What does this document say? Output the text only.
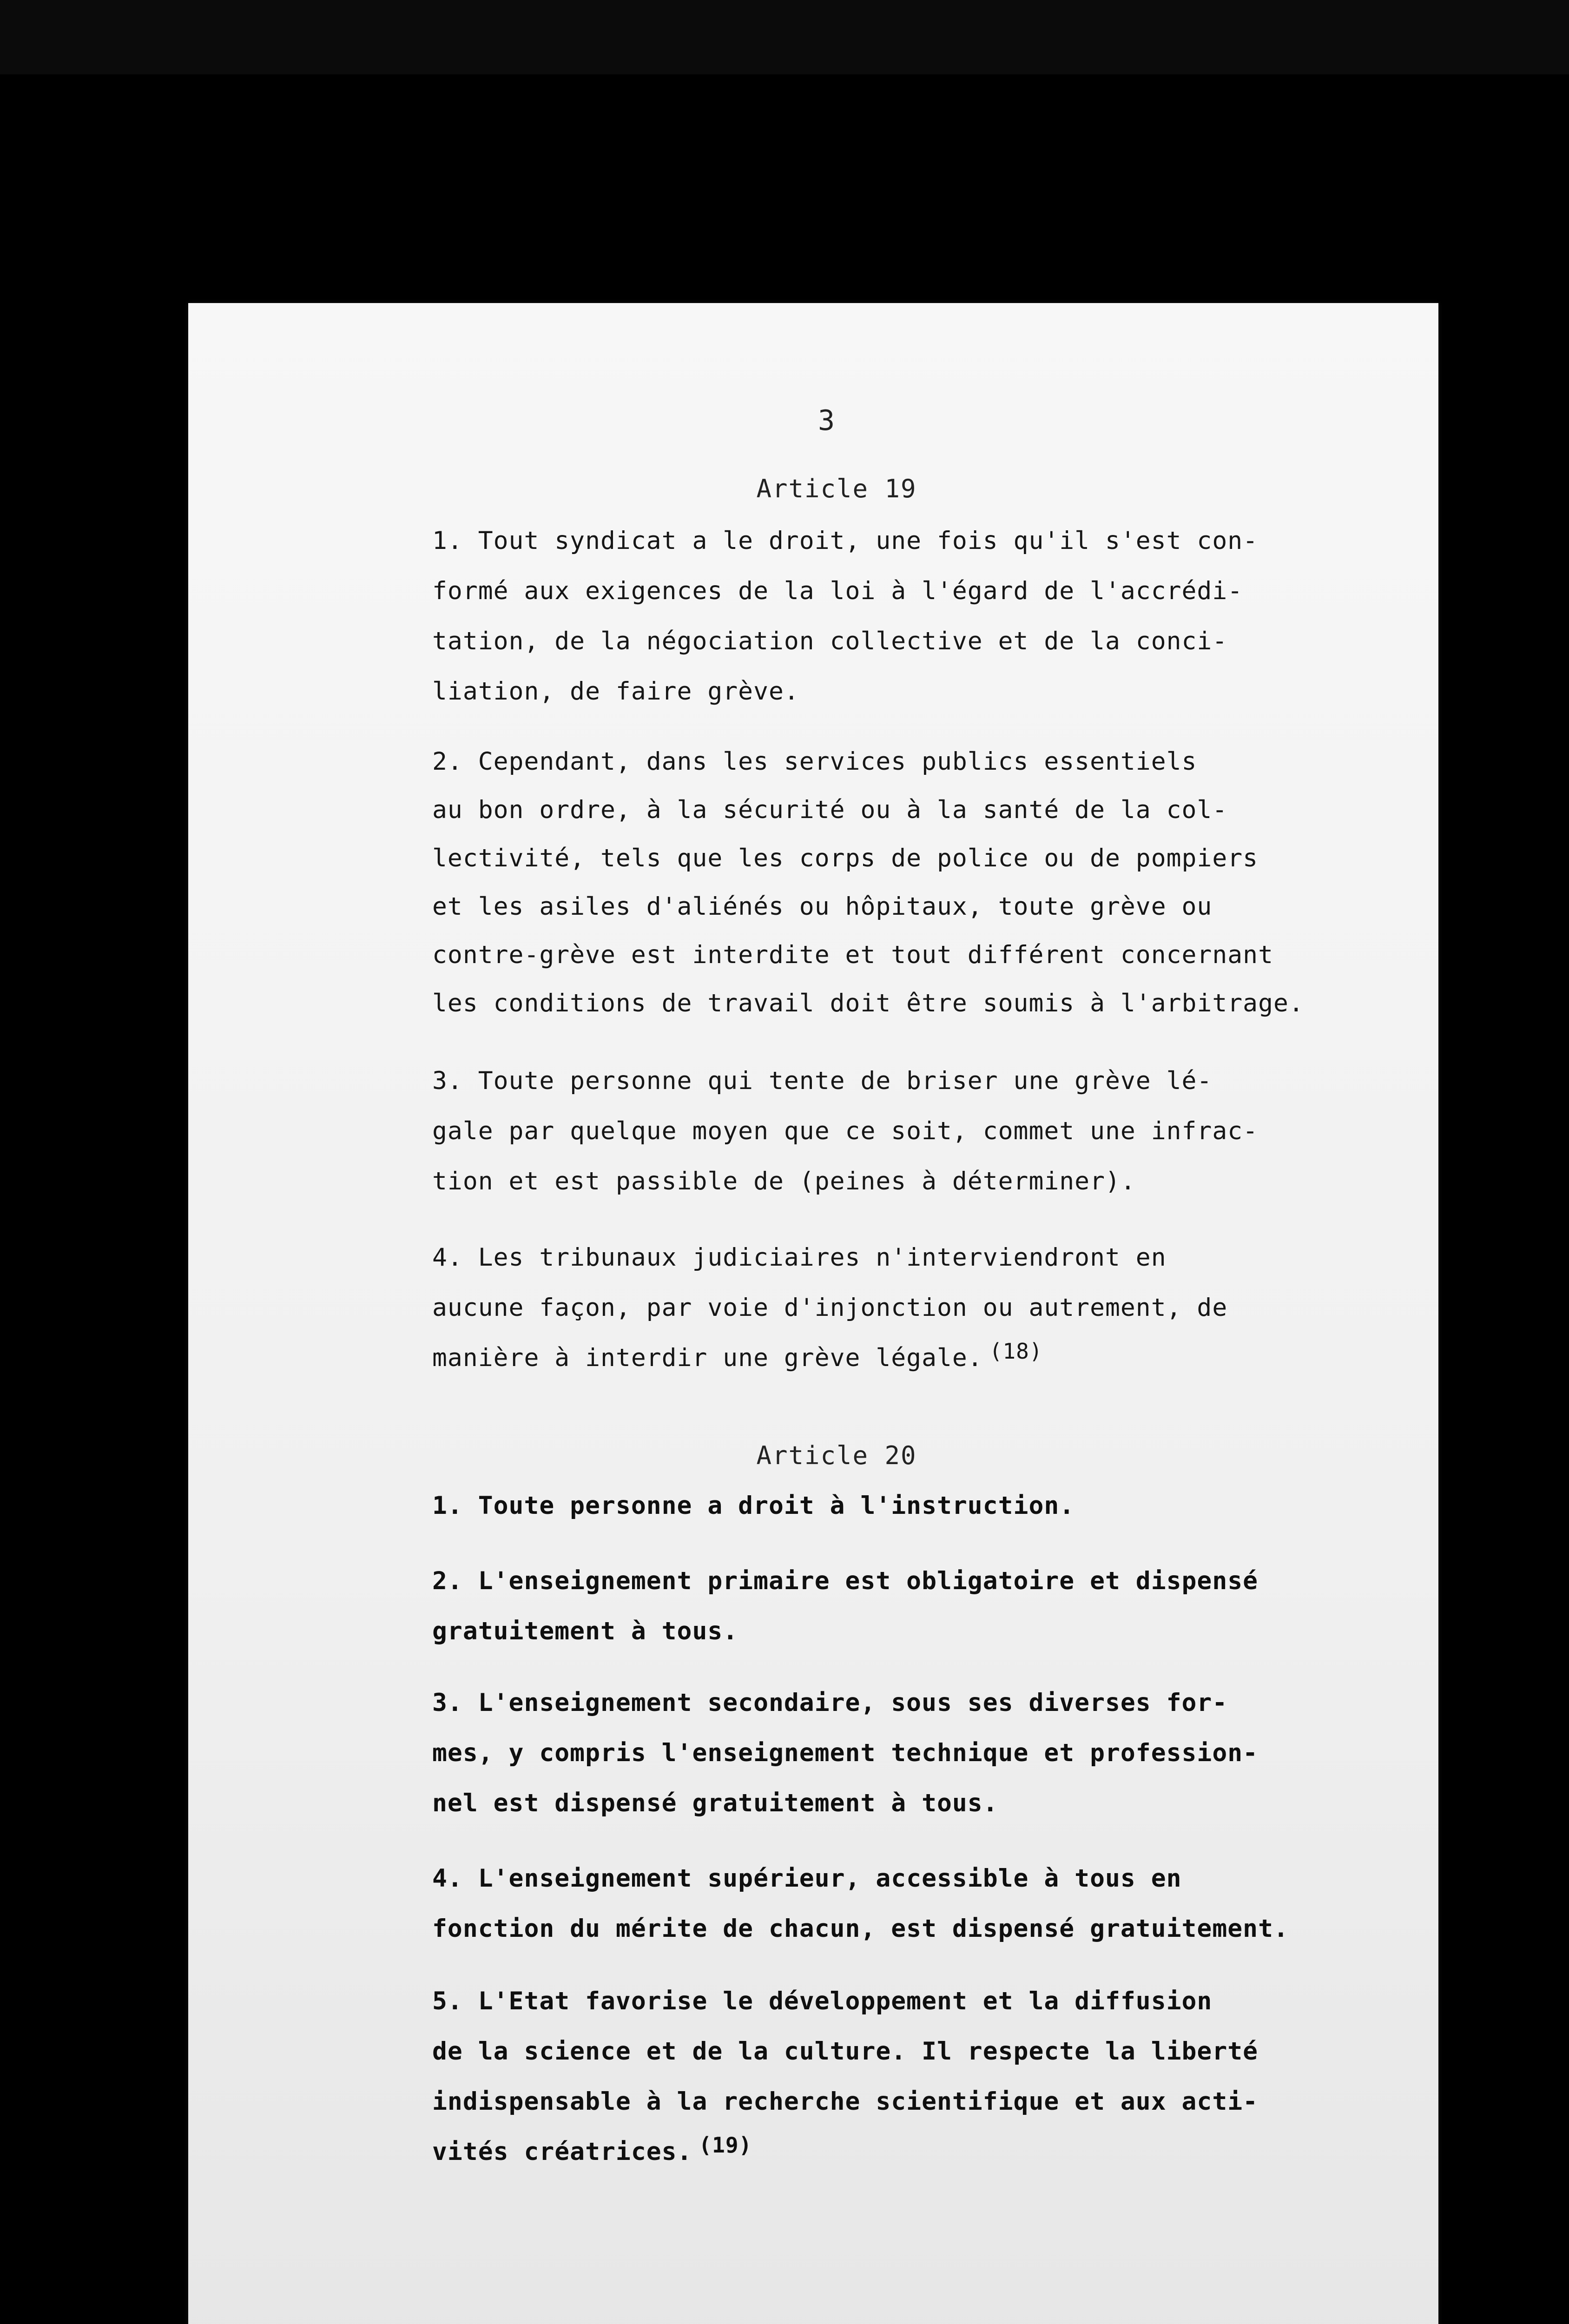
3
Article 19
1. Tout syndicat a le droit, une fois qu'il s'est con-
formé aux exigences de la loi à l'égard de l'accrédi-
tation, de la négociation collective et de la conci-
liation, de faire grève.
2. Cependant, dans les services publics essentiels
au bon ordre, à la sécurité ou à la santé de la col-
lectivité, tels que les corps de police ou de pompiers
et les asiles d'aliénés ou hôpitaux, toute grève ou
contre-grève est interdite et tout différent concernant
les conditions de travail doit être soumis à l'arbitrage.
3. Toute personne qui tente de briser une grève lé-
gale par quelque moyen que ce soit, commet une infrac-
tion et est passible de (peines à déterminer).
4. Les tribunaux judiciaires n'interviendront en
aucune façon, par voie d'injonction ou autrement, de
manière à interdir une grève légale. (18)
Article 20
1. Toute personne a droit à l'instruction.
2. L'enseignement primaire est obligatoire et dispensé
gratuitement à tous.
3. L'enseignement secondaire, sous ses diverses for-
mes, y compris l'enseignement technique et profession-
nel est dispensé gratuitement à tous.
4. L'enseignement supérieur, accessible à tous en
fonction du mérite de chacun, est dispensé gratuitement.
5. L'Etat favorise le développement et la diffusion
de la science et de la culture. Il respecte la liberté
indispensable à la recherche scientifique et aux acti-
vités créatrices. (19)
